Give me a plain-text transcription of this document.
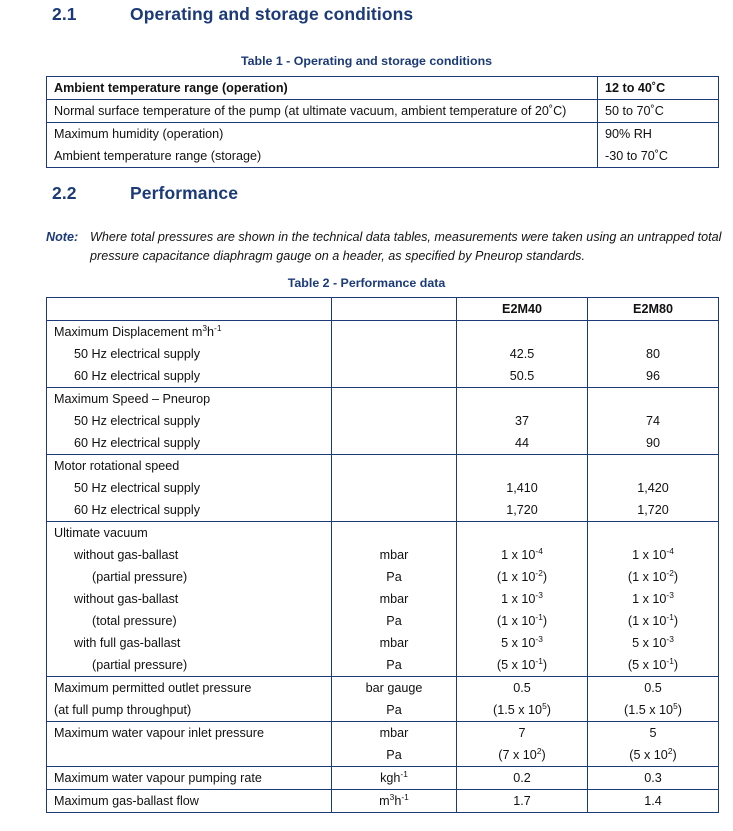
2.1	Operating and storage conditions
Table 1 - Operating and storage conditions
Ambient temperature range (operation)	12 to 40˚C
Normal surface temperature of the pump (at ultimate vacuum, ambient temperature of 20˚C)	50 to 70˚C
Maximum humidity (operation)	90% RH
Ambient temperature range (storage)	-30 to 70˚C
2.2	Performance
Note: Where total pressures are shown in the technical data tables, measurements were taken using an untrapped total pressure capacitance diaphragm gauge on a header, as specified by Pneurop standards.
Table 2 - Performance data
		E2M40	E2M80
Maximum Displacement $m^3h^{-1}$			
50 Hz electrical supply		42.5	80
60 Hz electrical supply		50.5	96
Maximum Speed – Pneurop			
50 Hz electrical supply		37	74
60 Hz electrical supply		44	90
Motor rotational speed			
50 Hz electrical supply		1,410	1,420
60 Hz electrical supply		1,720	1,720
Ultimate vacuum			
without gas-ballast	mbar	1 x $10^{-4}$	1 x $10^{-4}$
(partial pressure)	Pa	(1 x $10^{-2}$)	(1 x $10^{-2}$)
without gas-ballast	mbar	1 x $10^{-3}$	1 x $10^{-3}$
(total pressure)	Pa	(1 x $10^{-1}$)	(1 x $10^{-1}$)
with full gas-ballast	mbar	5 x $10^{-3}$	5 x $10^{-3}$
(partial pressure)	Pa	(5 x $10^{-1}$)	(5 x $10^{-1}$)
Maximum permitted outlet pressure	bar gauge	0.5	0.5
(at full pump throughput)	Pa	(1.5 x $10^5$)	(1.5 x $10^5$)
Maximum water vapour inlet pressure	mbar	7	5
	Pa	(7 x $10^2$)	(5 x $10^2$)
Maximum water vapour pumping rate	kgh$^{-1}$	0.2	0.3
Maximum gas-ballast flow	$m^3h^{-1}$	1.7	1.4
